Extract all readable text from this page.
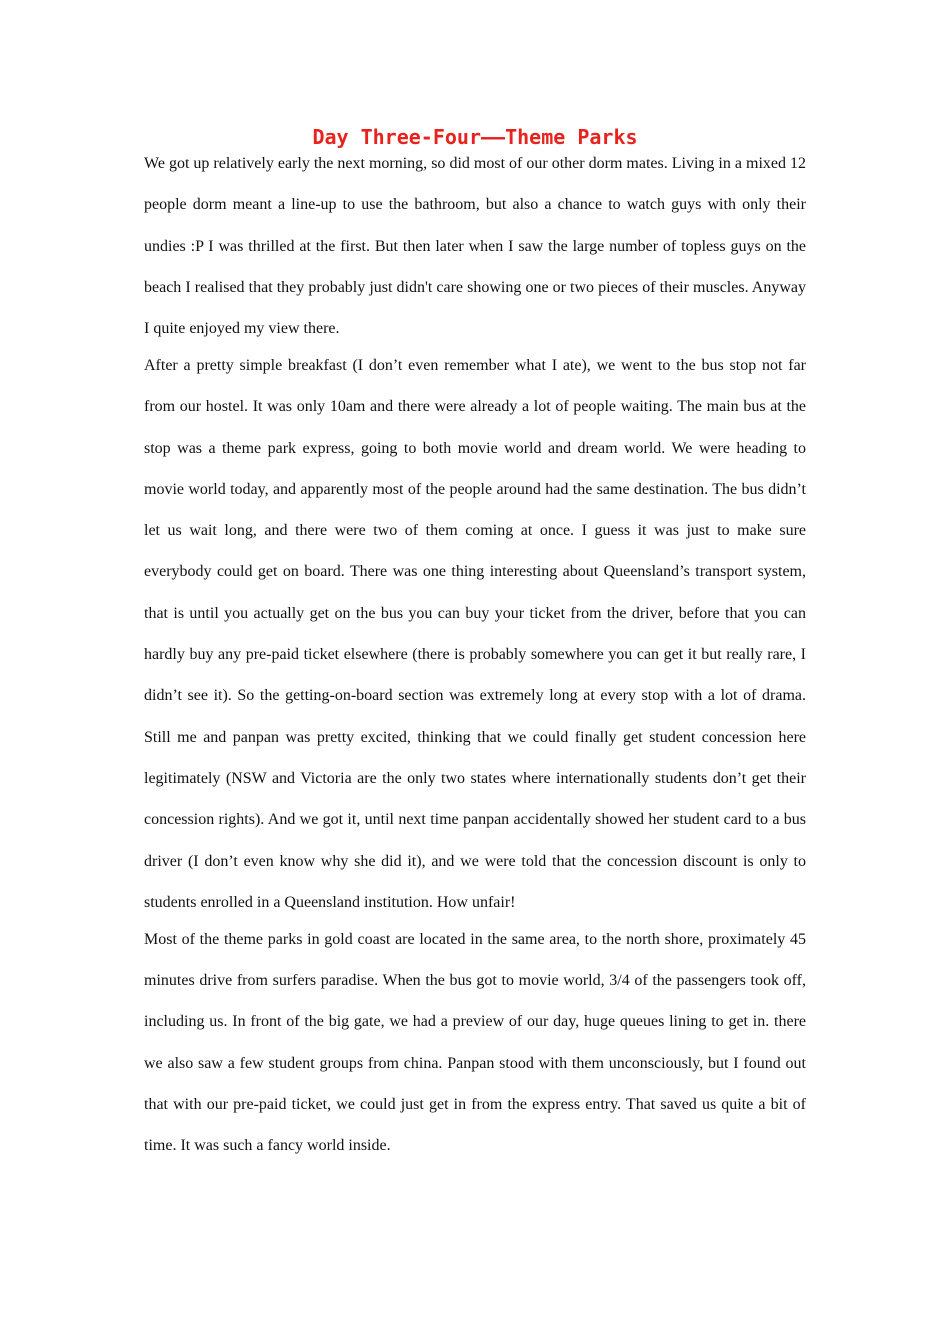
Day Three-Four——Theme Parks

We got up relatively early the next morning, so did most of our other dorm mates. Living in a mixed 12 people dorm meant a line-up to use the bathroom, but also a chance to watch guys with only their undies :P I was thrilled at the first. But then later when I saw the large number of topless guys on the beach I realised that they probably just didn't care showing one or two pieces of their muscles. Anyway I quite enjoyed my view there.

After a pretty simple breakfast (I don’t even remember what I ate), we went to the bus stop not far from our hostel. It was only 10am and there were already a lot of people waiting. The main bus at the stop was a theme park express, going to both movie world and dream world. We were heading to movie world today, and apparently most of the people around had the same destination. The bus didn’t let us wait long, and there were two of them coming at once. I guess it was just to make sure everybody could get on board. There was one thing interesting about Queensland’s transport system, that is until you actually get on the bus you can buy your ticket from the driver, before that you can hardly buy any pre-paid ticket elsewhere (there is probably somewhere you can get it but really rare, I didn’t see it). So the getting-on-board section was extremely long at every stop with a lot of drama. Still me and panpan was pretty excited, thinking that we could finally get student concession here legitimately (NSW and Victoria are the only two states where internationally students don’t get their concession rights). And we got it, until next time panpan accidentally showed her student card to a bus driver (I don’t even know why she did it), and we were told that the concession discount is only to students enrolled in a Queensland institution. How unfair!

Most of the theme parks in gold coast are located in the same area, to the north shore, proximately 45 minutes drive from surfers paradise. When the bus got to movie world, 3/4 of the passengers took off, including us. In front of the big gate, we had a preview of our day, huge queues lining to get in. there we also saw a few student groups from china. Panpan stood with them unconsciously, but I found out that with our pre-paid ticket, we could just get in from the express entry. That saved us quite a bit of time. It was such a fancy world inside.
